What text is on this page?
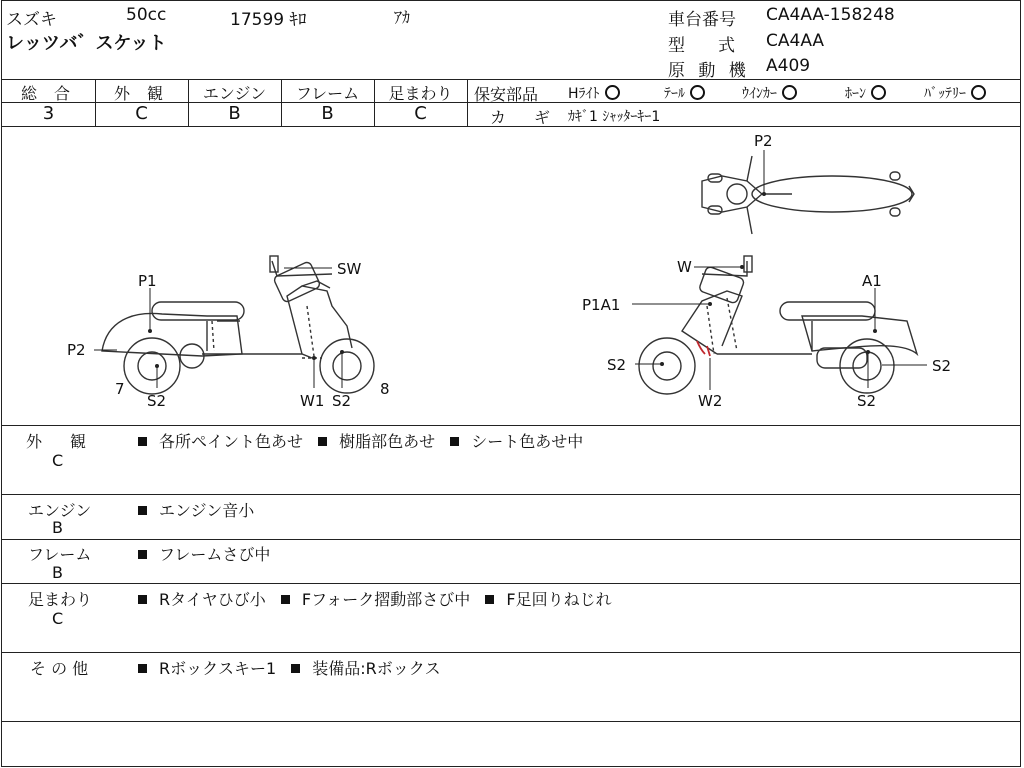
スズキ	50cc	17599 ｷﾛ	ｱｶ
レッツバ゛スケット
車台番号 CA4AA-158248
型　式 CA4AA
原 動 機 A409
総 合	外 観	エンジン	フレーム	足まわり
3	C	B	B	C
保安部品 Hﾗｲﾄ	ﾃｰﾙ	ｳｲﾝｶｰ	ﾎｰﾝ	ﾊﾞｯﾃﾘｰ
カ　ギ ｶｷﾞ1 ｼｬｯﾀｰｷｰ1
SW
P1
P2
7
S2	W1 S2
8
P2
W
A1
P1A1
S2
W2	S2
S2
外　観
C
各所ペイント色あせ 樹脂部色あせ シート色あせ中
エンジン
B
エンジン音小
フレーム
B
フレームさび中
足まわり
C
Rタイヤひび小 Fフォーク摺動部さび中 F足回りねじれ
そ の 他	Rボックスキー1 装備品:Rボックス
